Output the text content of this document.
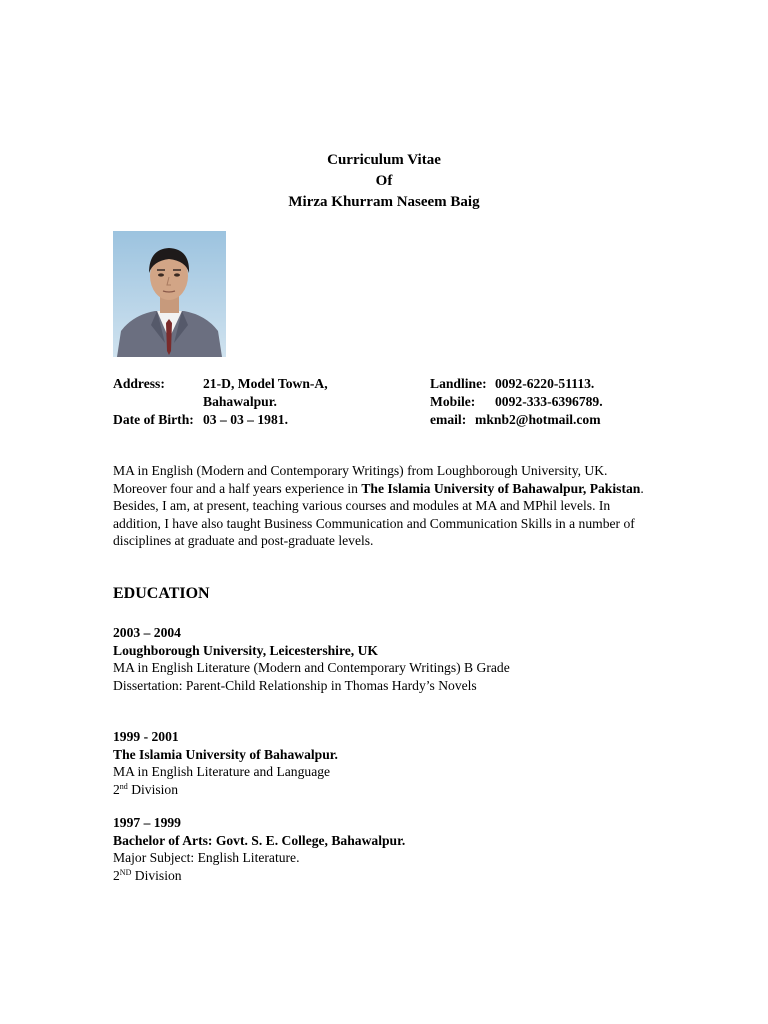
Curriculum Vitae
Of
Mirza Khurram Naseem Baig
Address:	21-D, Model Town-A,
Bahawalpur.
Date of Birth: 03 – 03 – 1981.
Landline: 0092-6220-51113.
Mobile: 0092-333-6396789.
email: mknb2@hotmail.com
MA in English (Modern and Contemporary Writings) from Loughborough University, UK. Moreover four and a half years experience in The Islamia University of Bahawalpur, Pakistan. Besides, I am, at present, teaching various courses and modules at MA and MPhil levels. In addition, I have also taught Business Communication and Communication Skills in a number of disciplines at graduate and post-graduate levels.
EDUCATION
2003 – 2004
Loughborough University, Leicestershire, UK
MA in English Literature (Modern and Contemporary Writings) B Grade
Dissertation: Parent-Child Relationship in Thomas Hardy’s Novels
1999 - 2001
The Islamia University of Bahawalpur.
MA in English Literature and Language
2nd Division
1997 – 1999
Bachelor of Arts: Govt. S. E. College, Bahawalpur.
Major Subject: English Literature.
2ND Division
